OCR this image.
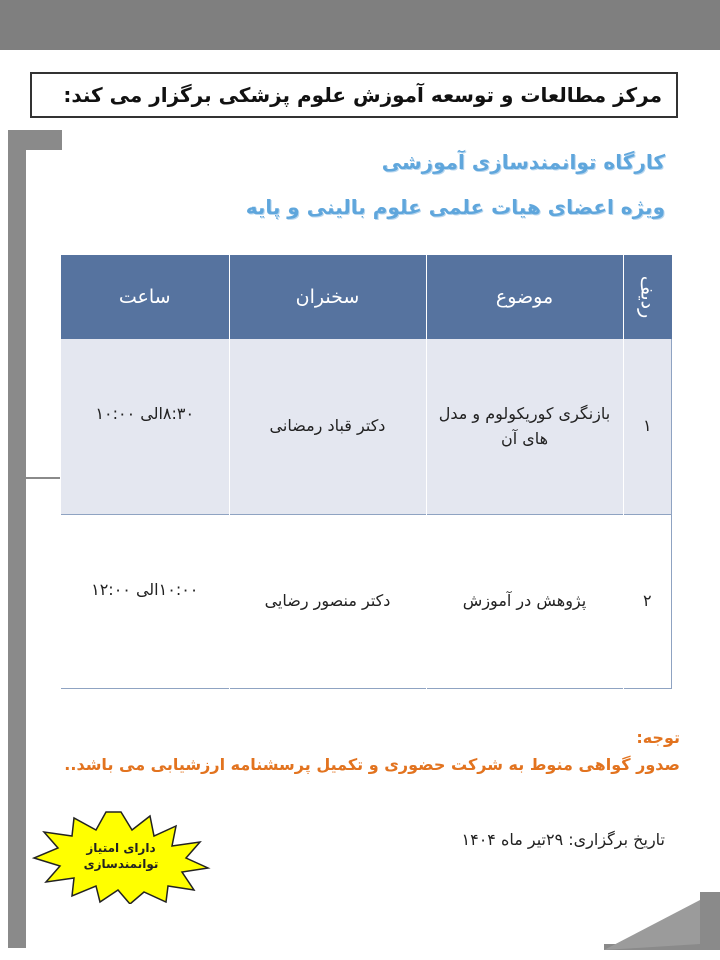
مرکز مطالعات و توسعه آموزش علوم پزشکی برگزار می کند:
کارگاه توانمندسازی آموزشی
ویژه اعضای هیات علمی علوم بالینی و پایه
ردیف	موضوع	سخنران	ساعت
۱	بازنگری کوریکولوم و مدل های آن	دکتر قباد رمضانی	۸:۳۰الی ۱۰:۰۰
۲	پژوهش در آموزش	دکتر منصور رضایی	۱۰:۰۰الی ۱۲:۰۰
توجه:
صدور گواهی منوط به شرکت حضوری و تکمیل پرسشنامه ارزشیابی می باشد..
تاریخ برگزاری: ۲۹تیر ماه ۱۴۰۴
دارای امتیاز
توانمندسازی
